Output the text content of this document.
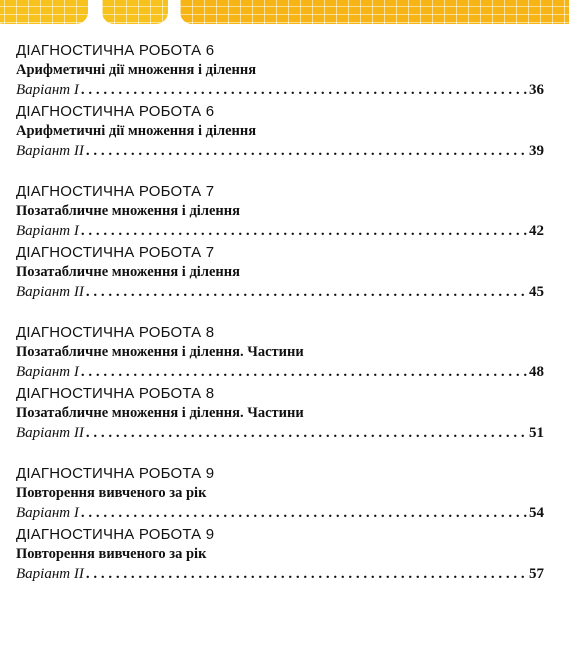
ДІАГНОСТИЧНА РОБОТА 6
Арифметичні дії множення і ділення
Варіант І . . .	36
ДІАГНОСТИЧНА РОБОТА 6
Арифметичні дії множення і ділення
Варіант ІІ . . .	39
ДІАГНОСТИЧНА РОБОТА 7
Позатабличне множення і ділення
Варіант І . . .	42
ДІАГНОСТИЧНА РОБОТА 7
Позатабличне множення і ділення
Варіант ІІ . . .	45
ДІАГНОСТИЧНА РОБОТА 8
Позатабличне множення і ділення. Частини
Варіант І . . .	48
ДІАГНОСТИЧНА РОБОТА 8
Позатабличне множення і ділення. Частини
Варіант ІІ . . .	51
ДІАГНОСТИЧНА РОБОТА 9
Повторення вивченого за рік
Варіант І . . .	54
ДІАГНОСТИЧНА РОБОТА 9
Повторення вивченого за рік
Варіант ІІ . . .	57
